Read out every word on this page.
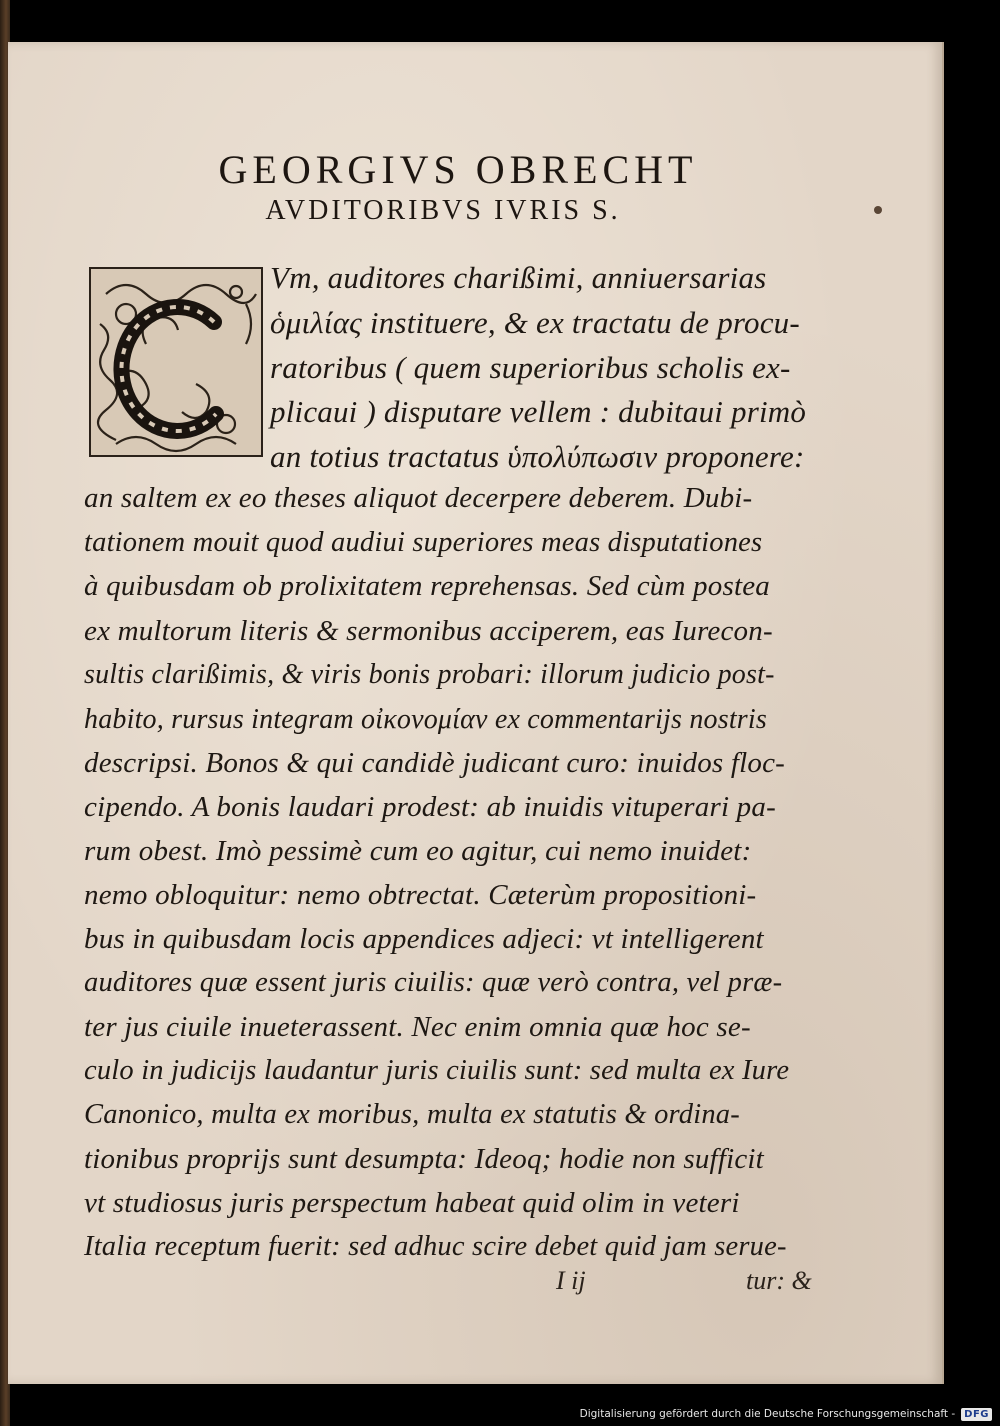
GEORGIVS OBRECHT
AVDITORIBVS IVRIS S.
Vm, auditores charißimi, anniuersarias
ὁμιλίας instituere, & ex tractatu de procu-
ratoribus ( quem superioribus scholis ex-
plicaui ) disputare vellem : dubitaui primò
an totius tractatus ὑπολύπωσιν proponere:
an saltem ex eo theses aliquot decerpere deberem. Dubi-
tationem mouit quod audiui superiores meas disputationes
à quibusdam ob prolixitatem reprehensas. Sed cùm postea
ex multorum literis & sermonibus acciperem, eas Iurecon-
sultis clarißimis, & viris bonis probari: illorum judicio post-
habito, rursus integram οἰκονομίαν ex commentarijs nostris
descripsi. Bonos & qui candidè judicant curo: inuidos floc-
cipendo. A bonis laudari prodest: ab inuidis vituperari pa-
rum obest. Imò pessimè cum eo agitur, cui nemo inuidet:
nemo obloquitur: nemo obtrectat. Cæterùm propositioni-
bus in quibusdam locis appendices adjeci: vt intelligerent
auditores quæ essent juris ciuilis: quæ verò contra, vel præ-
ter jus ciuile inueterassent. Nec enim omnia quæ hoc se-
culo in judicijs laudantur juris ciuilis sunt: sed multa ex Iure
Canonico, multa ex moribus, multa ex statutis & ordina-
tionibus proprijs sunt desumpta: Ideoq; hodie non sufficit
vt studiosus juris perspectum habeat quid olim in veteri
Italia receptum fuerit: sed adhuc scire debet quid jam serue-
I ij	tur: &
Digitalisierung gefördert durch die Deutsche Forschungsgemeinschaft - DFG
